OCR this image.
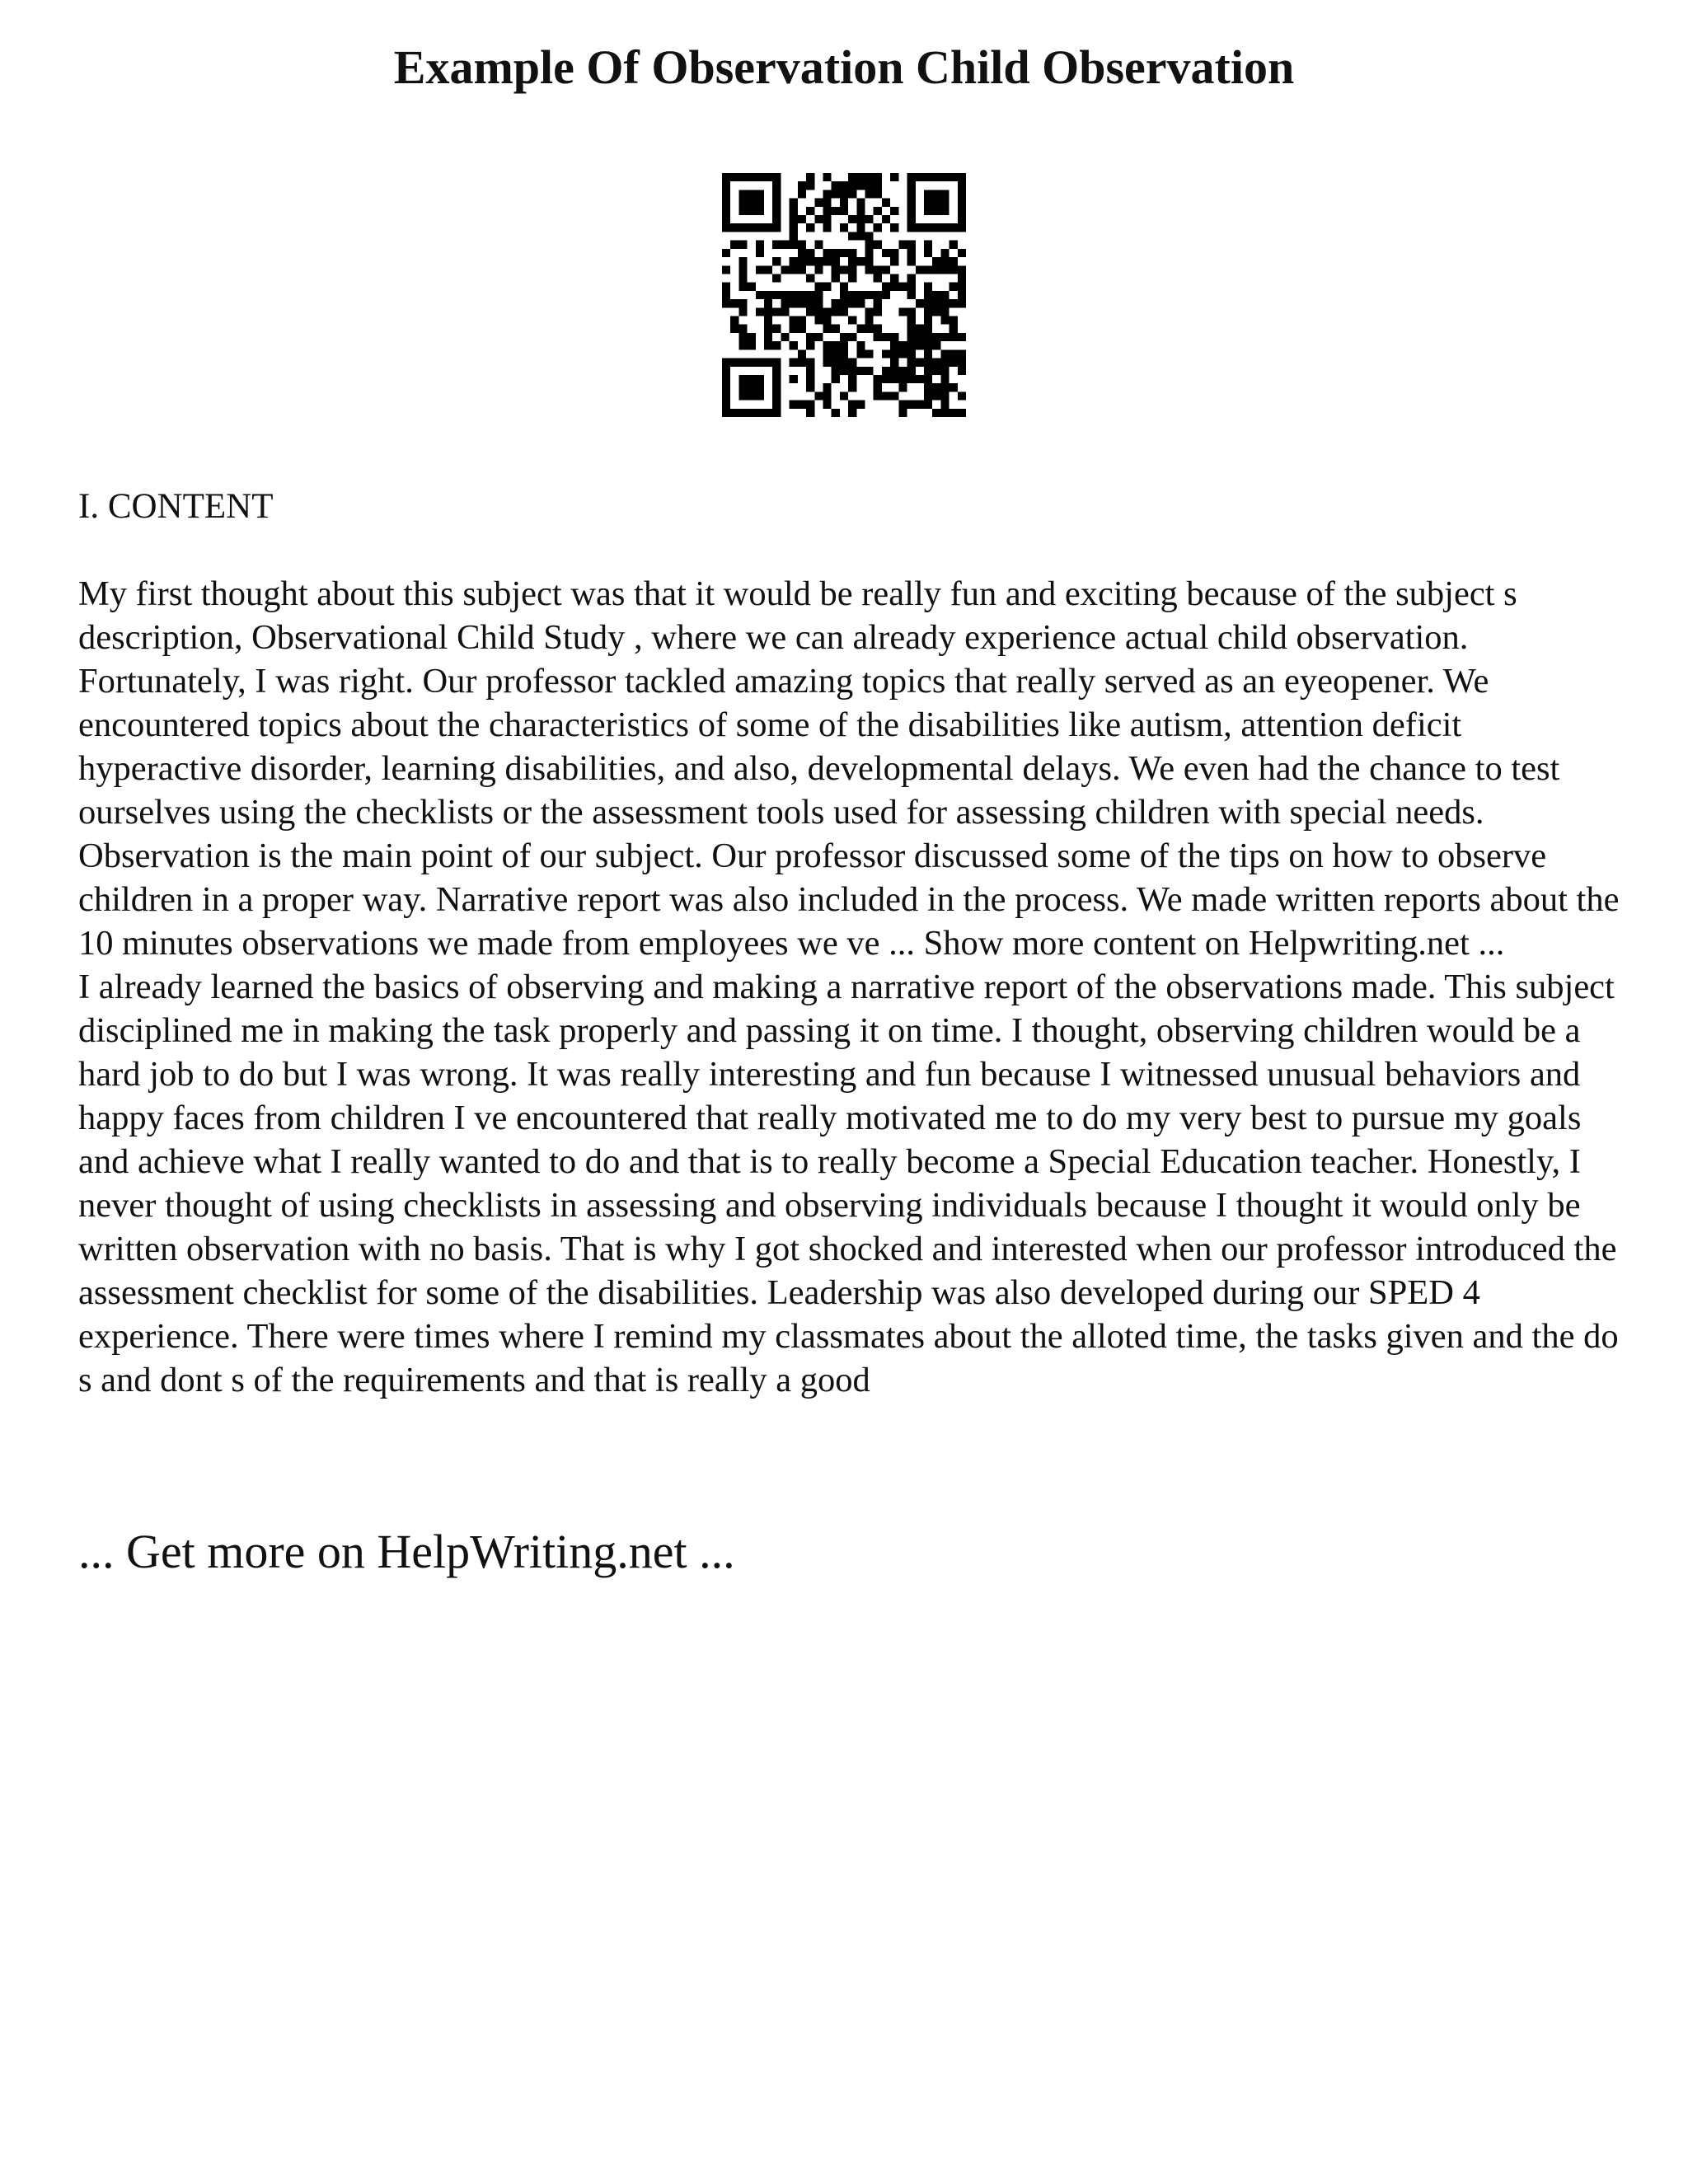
Example Of Observation Child Observation
I. CONTENT

My first thought about this subject was that it would be really fun and exciting because of the subject s description, Observational Child Study , where we can already experience actual child observation. Fortunately, I was right. Our professor tackled amazing topics that really served as an eyeopener. We encountered topics about the characteristics of some of the disabilities like autism, attention deficit hyperactive disorder, learning disabilities, and also, developmental delays. We even had the chance to test ourselves using the checklists or the assessment tools used for assessing children with special needs. Observation is the main point of our subject. Our professor discussed some of the tips on how to observe children in a proper way. Narrative report was also included in the process. We made written reports about the 10 minutes observations we made from employees we ve ... Show more content on Helpwriting.net ...

I already learned the basics of observing and making a narrative report of the observations made. This subject disciplined me in making the task properly and passing it on time. I thought, observing children would be a hard job to do but I was wrong. It was really interesting and fun because I witnessed unusual behaviors and happy faces from children I ve encountered that really motivated me to do my very best to pursue my goals and achieve what I really wanted to do and that is to really become a Special Education teacher. Honestly, I never thought of using checklists in assessing and observing individuals because I thought it would only be written observation with no basis. That is why I got shocked and interested when our professor introduced the assessment checklist for some of the disabilities. Leadership was also developed during our SPED 4 experience. There were times where I remind my classmates about the alloted time, the tasks given and the do s and dont s of the requirements and that is really a good

... Get more on HelpWriting.net ...
